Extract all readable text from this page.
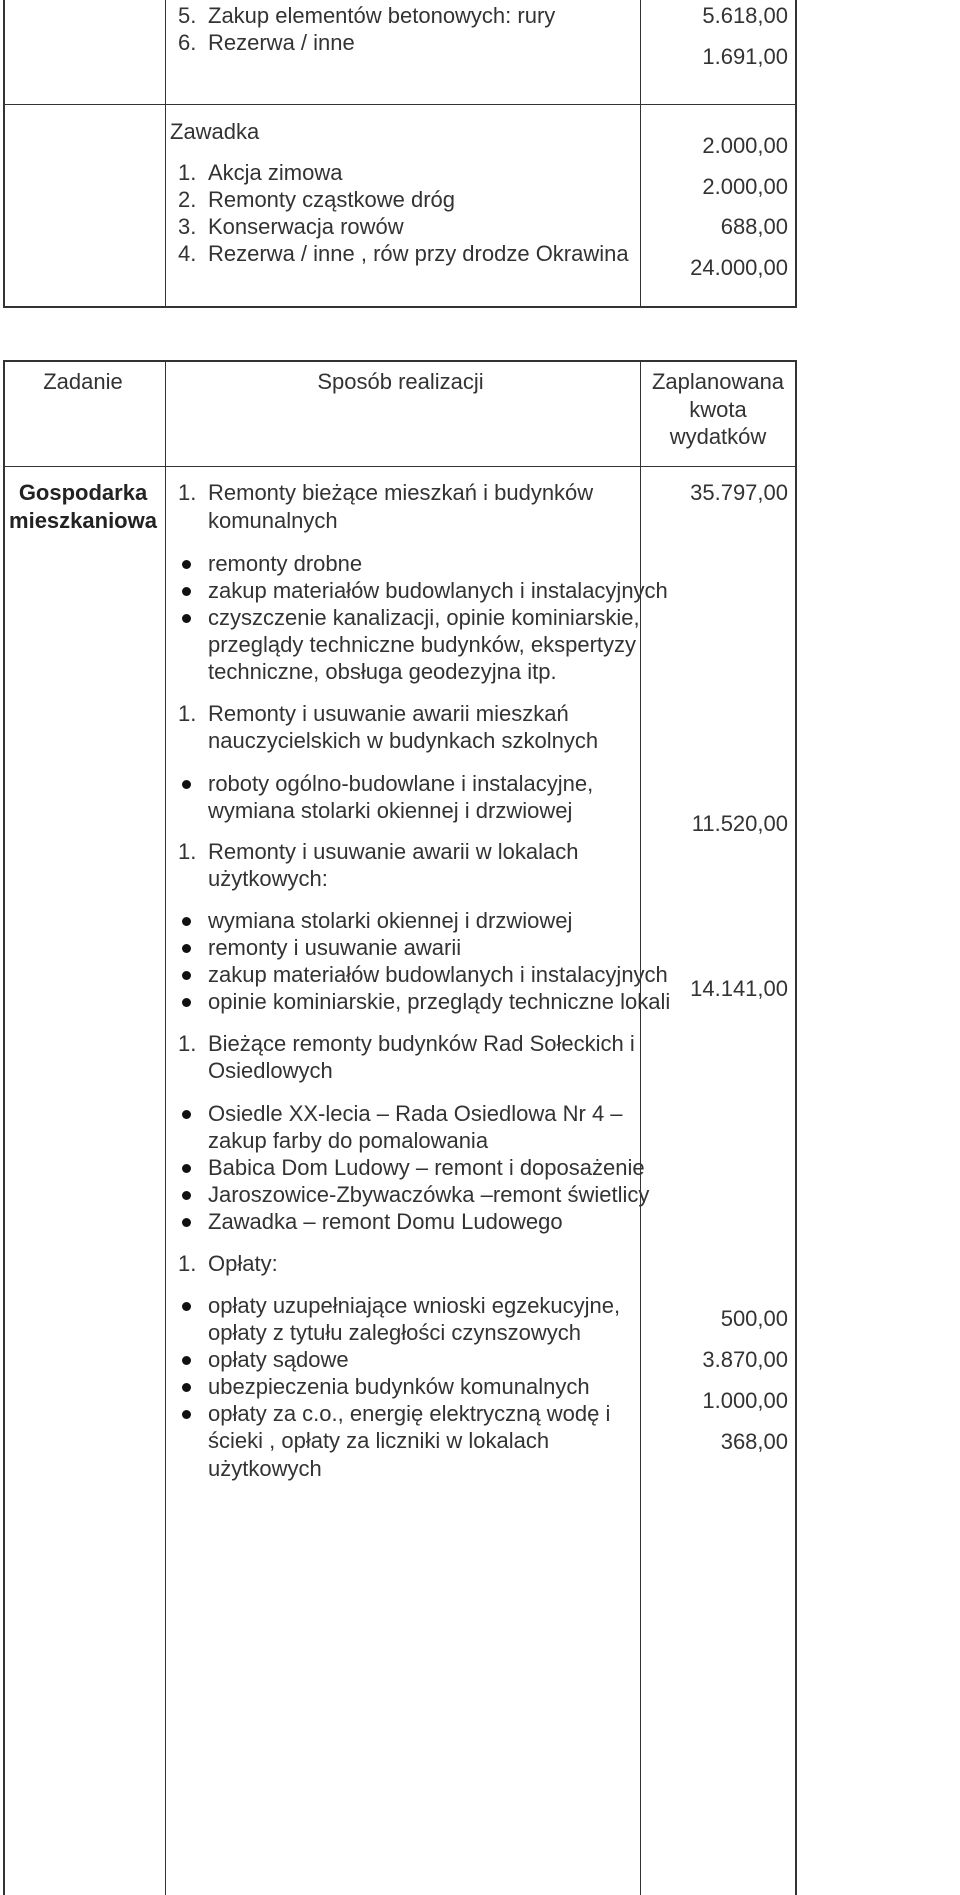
5. Zakup elementów betonowych: rury
6. Rezerwa / inne
5.618,00
1.691,00
Zawadka
1. Akcja zimowa
2. Remonty cząstkowe dróg
3. Konserwacja rowów
4. Rezerwa / inne , rów przy drodze Okrawina
2.000,00
2.000,00
688,00
24.000,00
Zadanie	Sposób realizacji	Zaplanowana
kwota
wydatków
Gospodarka
mieszkaniowa
1. Remonty bieżące mieszkań i budynków
komunalnych
remonty drobne
zakup materiałów budowlanych i instalacyjnych
czyszczenie kanalizacji, opinie kominiarskie,
przeglądy techniczne budynków, ekspertyzy
techniczne, obsługa geodezyjna itp.
1. Remonty i usuwanie awarii mieszkań
nauczycielskich w budynkach szkolnych
roboty ogólno-budowlane i instalacyjne,
wymiana stolarki okiennej i drzwiowej
1. Remonty i usuwanie awarii w lokalach
użytkowych:
wymiana stolarki okiennej i drzwiowej
remonty i usuwanie awarii
zakup materiałów budowlanych i instalacyjnych
opinie kominiarskie, przeglądy techniczne lokali
1. Bieżące remonty budynków Rad Sołeckich i
Osiedlowych
Osiedle XX-lecia – Rada Osiedlowa Nr 4 –
zakup farby do pomalowania
Babica Dom Ludowy – remont i doposażenie
Jaroszowice-Zbywaczówka –remont świetlicy
Zawadka – remont Domu Ludowego
1. Opłaty:
opłaty uzupełniające wnioski egzekucyjne,
opłaty z tytułu zaległości czynszowych
opłaty sądowe
ubezpieczenia budynków komunalnych
opłaty za c.o., energię elektryczną wodę i
ścieki , opłaty za liczniki w lokalach
użytkowych
35.797,00
11.520,00
14.141,00
500,00
3.870,00
1.000,00
368,00
